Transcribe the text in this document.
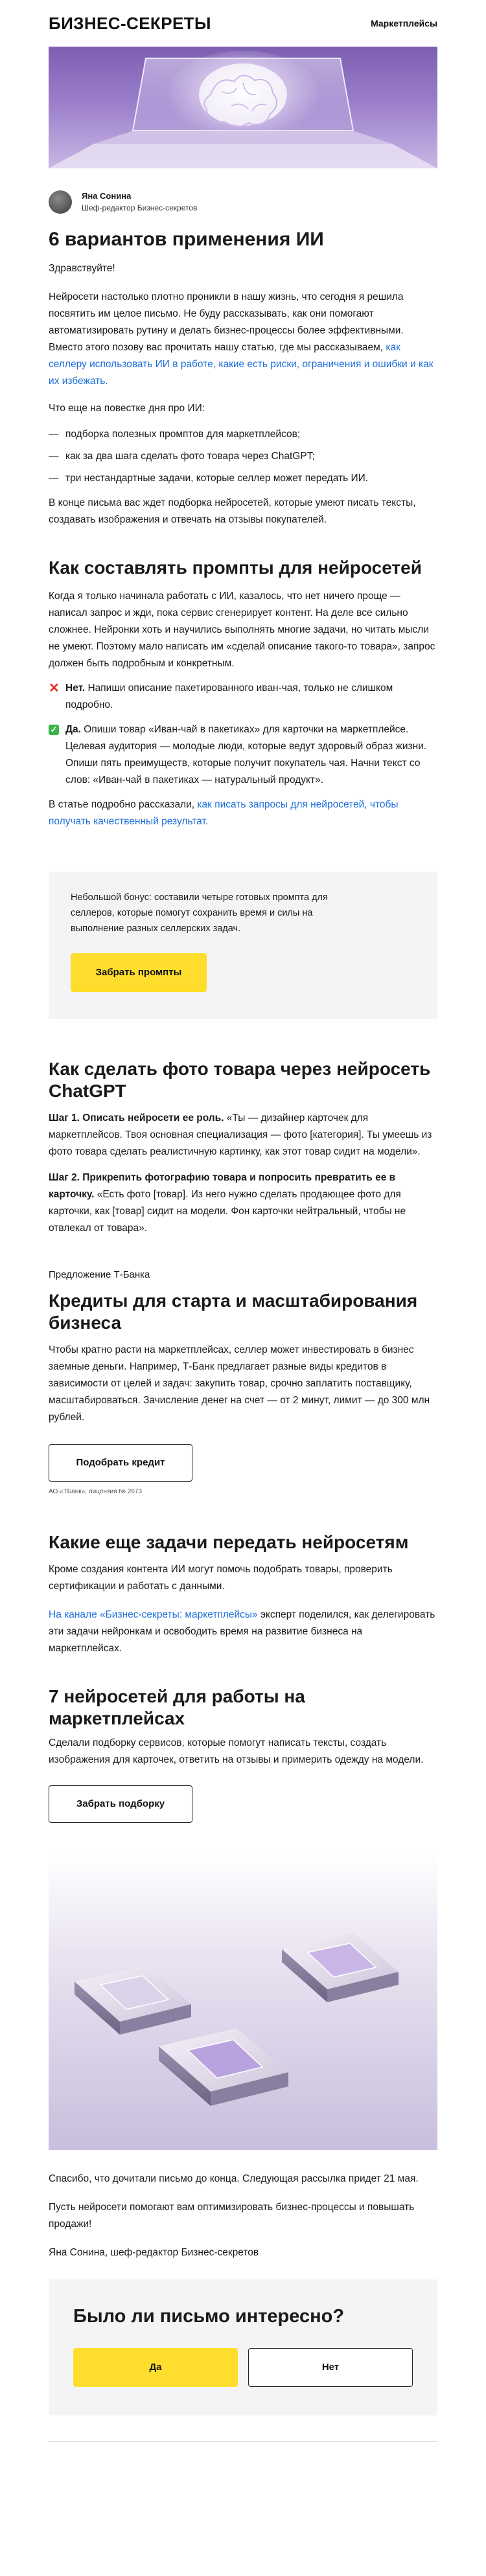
БИЗНЕС-СЕКРЕТЫ	Маркетплейсы
Яна Сонина
Шеф-редактор Бизнес-секретов
6 вариантов применения ИИ

Здравствуйте!

Нейросети настолько плотно проникли в нашу жизнь, что сегодня я решила посвятить им целое письмо. Не буду рассказывать, как они помогают автоматизировать рутину и делать бизнес-процессы более эффективными. Вместо этого позову вас прочитать нашу статью, где мы рассказываем, как селлеру использовать ИИ в работе, какие есть риски, ограничения и ошибки и как их избежать.

Что еще на повестке дня про ИИ:

— подборка полезных промптов для маркетплейсов;
— как за два шага сделать фото товара через ChatGPT;
— три нестандартные задачи, которые селлер может передать ИИ.

В конце письма вас ждет подборка нейросетей, которые умеют писать тексты, создавать изображения и отвечать на отзывы покупателей.

Как составлять промпты для нейросетей

Когда я только начинала работать с ИИ, казалось, что нет ничего проще — написал запрос и жди, пока сервис сгенерирует контент. На деле все сильно сложнее. Нейронки хоть и научились выполнять многие задачи, но читать мысли не умеют. Поэтому мало написать им «сделай описание такого-то товара», запрос должен быть подробным и конкретным.

✕ Нет. Напиши описание пакетированного иван-чая, только не слишком подробно.

✓ Да. Опиши товар «Иван-чай в пакетиках» для карточки на маркетплейсе. Целевая аудитория — молодые люди, которые ведут здоровый образ жизни. Опиши пять преимуществ, которые получит покупатель чая. Начни текст со слов: «Иван-чай в пакетиках — натуральный продукт».

В статье подробно рассказали, как писать запросы для нейросетей, чтобы получать качественный результат.

Небольшой бонус: составили четыре готовых промпта для селлеров, которые помогут сохранить время и силы на выполнение разных селлерских задач.

Забрать промпты
Как сделать фото товара через нейросеть ChatGPT

Шаг 1. Описать нейросети ее роль. «Ты — дизайнер карточек для маркетплейсов. Твоя основная специализация — фото [категория]. Ты умеешь из фото товара сделать реалистичную картинку, как этот товар сидит на модели».

Шаг 2. Прикрепить фотографию товара и попросить превратить ее в карточку. «Есть фото [товар]. Из него нужно сделать продающее фото для карточки, как [товар] сидит на модели. Фон карточки нейтральный, чтобы не отвлекал от товара».

Предложение Т-Банка
Кредиты для старта и масштабирования бизнеса

Чтобы кратно расти на маркетплейсах, селлер может инвестировать в бизнес заемные деньги. Например, Т-Банк предлагает разные виды кредитов в зависимости от целей и задач: закупить товар, срочно заплатить поставщику, масштабироваться. Зачисление денег на счет — от 2 минут, лимит — до 300 млн рублей.

Подобрать кредит
АО «ТБанк», лицензия № 2673
Какие еще задачи передать нейросетям

Кроме создания контента ИИ могут помочь подобрать товары, проверить сертификации и работать с данными.

На канале «Бизнес-секреты: маркетплейсы» эксперт поделился, как делегировать эти задачи нейронкам и освободить время на развитие бизнеса на маркетплейсах.

7 нейросетей для работы на маркетплейсах

Сделали подборку сервисов, которые помогут написать тексты, создать изображения для карточек, ответить на отзывы и примерить одежду на модели.

Забрать подборку

Спасибо, что дочитали письмо до конца. Следующая рассылка придет 21 мая.

Пусть нейросети помогают вам оптимизировать бизнес-процессы и повышать продажи!

Яна Сонина, шеф-редактор Бизнес-секретов

Было ли письмо интересно?
Да	Нет
